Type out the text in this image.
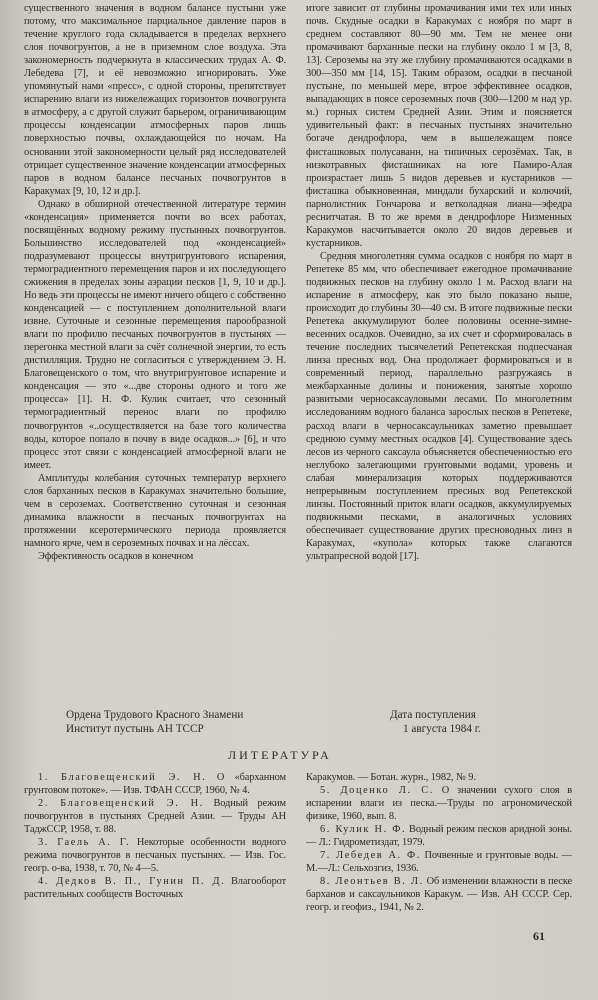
существенного значения в водном балансе пустыни уже потому, что максимальное парциальное давление паров в течение круглого года складывается в пределах верхнего слоя почвогрунтов, а не в приземном слое воздуха. Эта закономерность подчеркнута в классических трудах А. Ф. Лебедева [7], и её невозможно игнорировать. Уже упомянутый нами «пресс», с одной стороны, препятствует испарению влаги из нижележащих горизонтов почвогрунта в атмосферу, а с другой служит барьером, ограничивающим процессы конденсации атмосферных паров лишь поверхностью почвы, охлаждающейся по ночам. На основании этой закономерности целый ряд исследователей отрицает существенное значение конденсации атмосферных паров в водном балансе песчаных почвогрунтов в Каракумах [9, 10, 12 и др.].

Однако в обширной отечественной литературе термин «конденсация» применяется почти во всех работах, посвящённых водному режиму пустынных почвогрунтов. Большинство исследователей под «конденсацией» подразумевают процессы внутригрунтового испарения, термоградиентного перемещения паров и их последующего сжижения в пределах зоны аэрации песков [1, 9, 10 и др.]. Но ведь эти процессы не имеют ничего общего с собственно конденсацией — с поступлением дополнительной влаги извне. Суточные и сезонные перемещения парообразной влаги по профилю песчаных почвогрунтов в пустынях — перегонка местной влаги за счёт солнечной энергии, то есть дистилляция. Трудно не согласиться с утверждением Э. Н. Благовещенского о том, что внутригрунтовое испарение и конденсация — это «...две стороны одного и того же процесса» [1]. Н. Ф. Кулик считает, что сезонный термоградиентный перенос влаги по профилю почвогрунтов «..осуществляется на базе того количества воды, которое попало в почву в виде осадков...» [6], и что процесс этот связи с конденсацией атмосферной влаги не имеет.

Амплитуды колебания суточных температур верхнего слоя барханных песков в Каракумах значительно большие, чем в сероземах. Соответственно суточная и сезонная динамика влажности в песчаных почвогрунтах на протяжении ксеротермического периода проявляется намного ярче, чем в сероземных почвах и на лёссах.

Эффективность осадков в конечном

итоге зависит от глубины промачивания ими тех или иных почв. Скудные осадки в Каракумах с ноября по март в среднем составляют 80—90 мм. Тем не менее они промачивают барханные пески на глубину около 1 м [3, 8, 13]. Сероземы на эту же глубину промачиваются осадками в 300—350 мм [14, 15]. Таким образом, осадки в песчаной пустыне, по меньшей мере, втрое эффективнее осадков, выпадающих в поясе сероземных почв (300—1200 м над ур. м.) горных систем Средней Азии. Этим и поясняется удивительный факт: в песчаных пустынях значительно богаче дендрофлора, чем в вышележащем поясе фисташковых полусаванн, на типичных серозёмах. Так, в низкотравных фисташниках на юге Памиро-Алая произрастает лишь 5 видов деревьев и кустарников — фисташка обыкновенная, миндали бухарский и колючий, парнолистник Гончарова и ветколадная лиана—эфедра реснитчатая. В то же время в дендрофлоре Низменных Каракумов насчитывается около 20 видов деревьев и кустарников.

Средняя многолетняя сумма осадков с ноября по март в Репетеке 85 мм, что обеспечивает ежегодное промачивание подвижных песков на глубину около 1 м. Расход влаги на испарение в атмосферу, как это было показано выше, происходит до глубины 30—40 см. В итоге подвижные пески Репетека аккумулируют более половины осенне-зимне-весенних осадков. Очевидно, за их счет и сформировалась в течение последних тысячелетий Репетекская подпесчаная линза пресных вод. Она продолжает формироваться и в современный период, параллельно разгружаясь в межбарханные долины и понижения, занятые хорошо развитыми черносаксауловыми лесами. По многолетним исследованиям водного баланса зарослых песков в Репетеке, расход влаги в черносаксаульниках заметно превышает среднюю сумму местных осадков [4]. Существование здесь лесов из черного саксаула объясняется обеспеченностью его неглубоко залегающими грунтовыми водами, уровень и слабая минерализация которых поддерживаются непрерывным поступлением пресных вод Репетекской линзы. Постоянный приток влаги осадков, аккумулируемых подвижными песками, в аналогичных условиях обеспечивает существование других пресноводных линз в Каракумах, «купола» которых также слагаются ультрапресной водой [17].

Ордена Трудового Красного Знамени
Институт пустынь АН ТССР
Дата поступления
1 августа 1984 г.
ЛИТЕРАТУРА

1. Благовещенский Э. Н. О «барханном грунтовом потоке». — Изв. ТФАН СССР, 1960, № 4.

2. Благовещенский Э. Н. Водный режим почвогрунтов в пустынях Средней Азии. — Труды АН ТаджССР, 1958, т. 88.

3. Гаель А. Г. Некоторые особенности водного режима почвогрунтов в песчаных пустынях. — Изв. Гос. геогр. о-ва, 1938, т. 70, № 4—5.

4. Дедков В. П., Гунин П. Д. Влагооборот растительных сообществ Восточных

Каракумов. — Ботан. журн., 1982, № 9.

5. Доценко Л. С. О значении сухого слоя в испарении влаги из песка.—Труды по агрономической физике, 1960, вып. 8.

6. Кулик Н. Ф. Водный режим песков аридной зоны. — Л.: Гидрометиздат, 1979.

7. Лебедев А. Ф. Почвенные и грунтовые воды. — М.—Л.: Сельхозгиз, 1936.

8. Леонтьев В. Л. Об изменении влажности в песке барханов и саксаульников Каракум. — Изв. АН СССР. Сер. геогр. и геофиз., 1941, № 2.

61
